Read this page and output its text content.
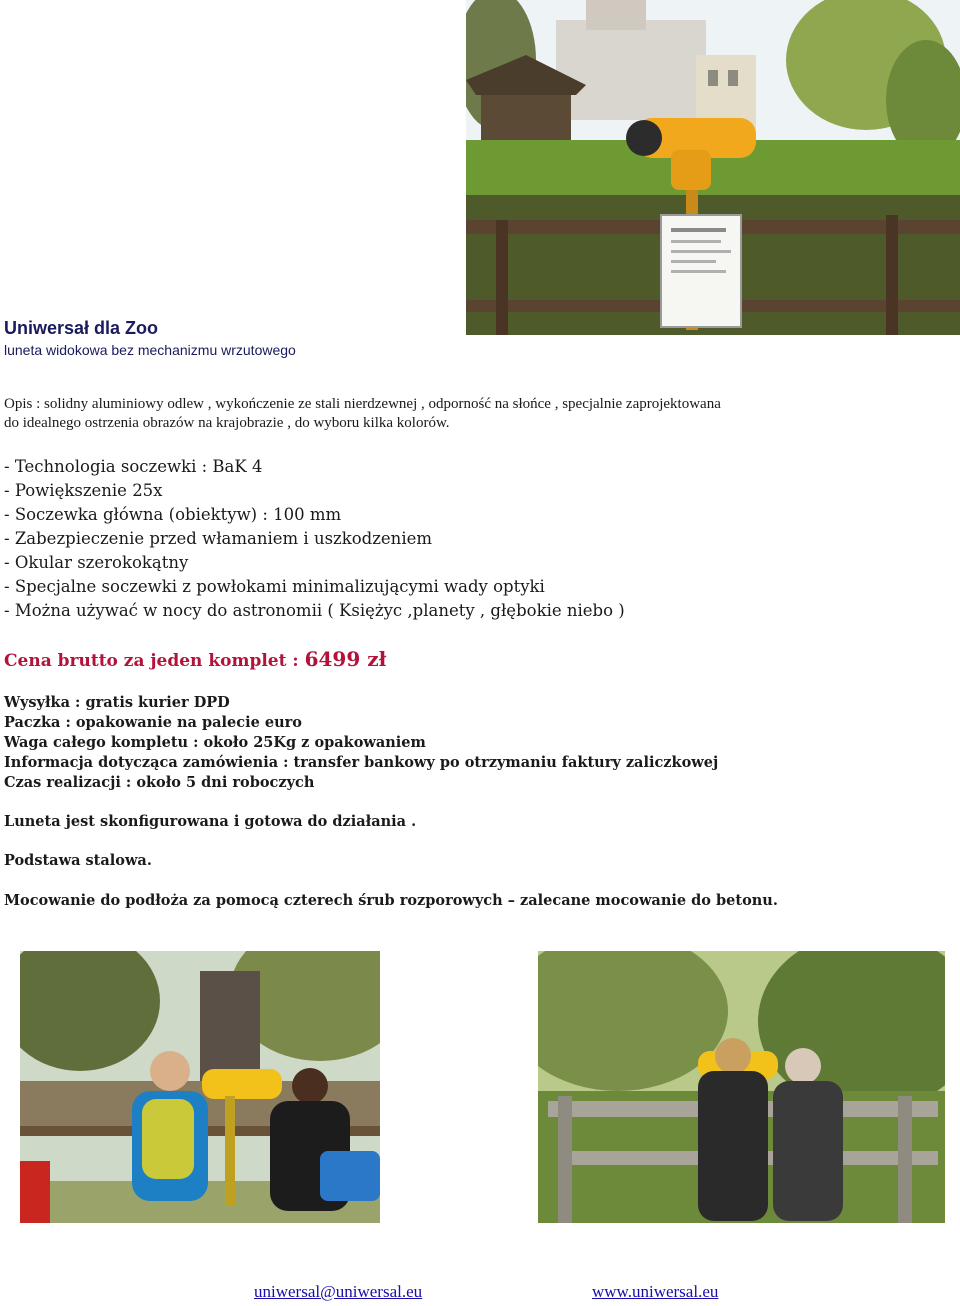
Uniwersał dla Zoo
luneta widokowa bez mechanizmu wrzutowego
Opis : solidny aluminiowy odlew , wykończenie ze stali nierdzewnej , odporność na słońce , specjalnie zaprojektowana
do idealnego ostrzenia obrazów na krajobrazie , do wyboru kilka kolorów.
- Technologia soczewki : BaK 4
- Powiększenie 25x
- Soczewka główna (obiektyw) : 100 mm
- Zabezpieczenie przed włamaniem i uszkodzeniem
- Okular szerokokątny
- Specjalne soczewki z powłokami minimalizującymi wady optyki
- Można używać w nocy do astronomii ( Księżyc ,planety , głębokie niebo )
Cena brutto za jeden komplet : 6499 zł
Wysyłka : gratis kurier DPD
Paczka : opakowanie na palecie euro
Waga całego kompletu : około 25Kg z opakowaniem
Informacja dotycząca zamówienia : transfer bankowy po otrzymaniu faktury zaliczkowej
Czas realizacji : około 5 dni roboczych
Luneta jest skonfigurowana i gotowa do działania .
Podstawa stalowa.
Mocowanie do podłoża za pomocą czterech śrub rozporowych – zalecane mocowanie do betonu.
uniwersal@uniwersal.eu	www.uniwersal.eu
